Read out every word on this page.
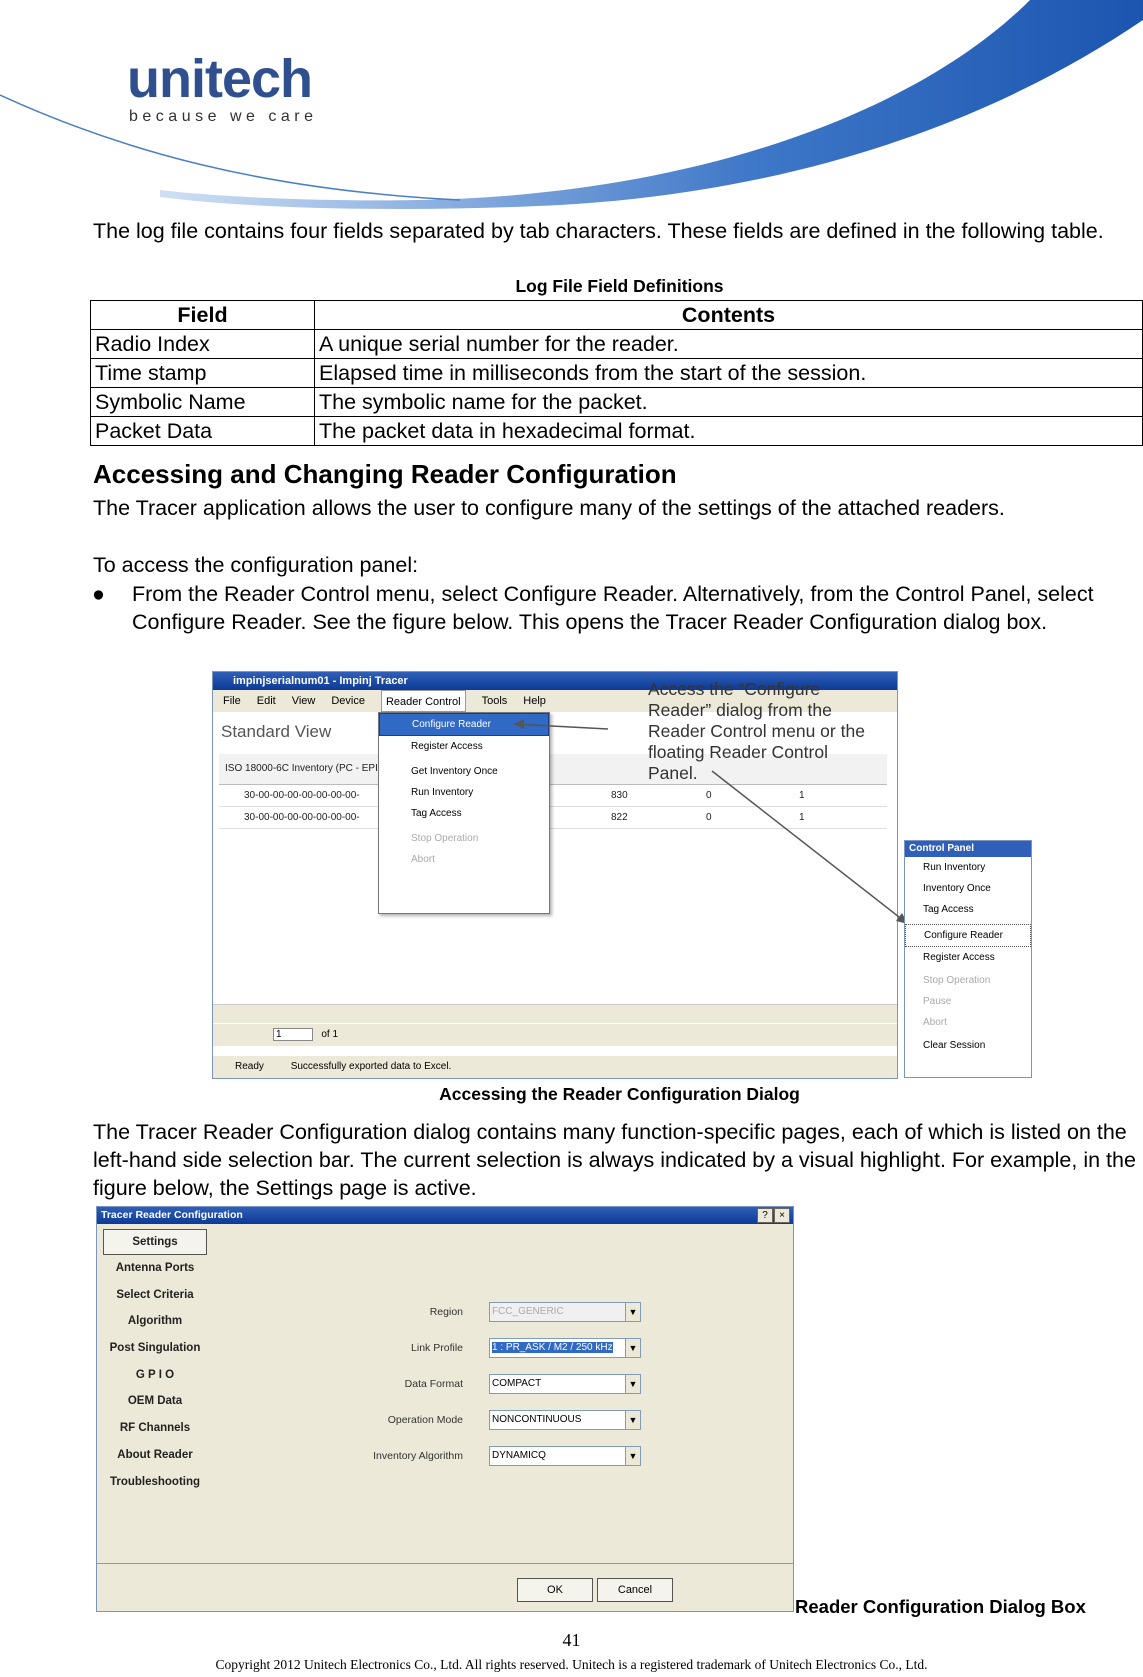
unitech
because we care
The log file contains four fields separated by tab characters. These fields are defined in the following table.
Log File Field Definitions
Field	Contents
Radio Index	A unique serial number for the reader.
Time stamp	Elapsed time in milliseconds from the start of the session.
Symbolic Name	The symbolic name for the packet.
Packet Data	The packet data in hexadecimal format.
Accessing and Changing Reader Configuration
The Tracer application allows the user to configure many of the settings of the attached readers.
To access the configuration panel:
● From the Reader Control menu, select Configure Reader. Alternatively, from the Control Panel, select Configure Reader. See the figure below. This opens the Tracer Reader Configuration dialog box.
impinjserialnum01 - Impinj Tracer
File Edit View Device	Reader Control	Tools Help
Standard View
ISO 18000-6C Inventory (PC - EPI
30-00-00-00-00-00-00-00-	830	0	1
30-00-00-00-00-00-00-00-	822	0	1
Configure Reader
Register Access
Get Inventory Once
Run Inventory
Tag Access
Stop Operation
Abort
1	of 1
Ready	Successfully exported data to Excel.
Access the “Configure Reader” dialog from the Reader Control menu or the floating Reader Control Panel.
Control Panel
Run Inventory
Inventory Once
Tag Access
Configure Reader
Register Access
Stop Operation
Pause
Abort
Clear Session
Accessing the Reader Configuration Dialog
The Tracer Reader Configuration dialog contains many function-specific pages, each of which is listed on the left-hand side selection bar. The current selection is always indicated by a visual highlight. For example, in the figure below, the Settings page is active.
Tracer Reader Configuration	?	×
Settings
Antenna Ports
Select Criteria
Algorithm
Post Singulation
G P I O
OEM Data
RF Channels
About Reader
Troubleshooting
Region	FCC_GENERIC	▼
Link Profile	1 : PR_ASK / M2 / 250 kHz	▼
Data Format	COMPACT	▼
Operation Mode	NONCONTINUOUS	▼
Inventory Algorithm	DYNAMICQ	▼
OK	Cancel
Reader Configuration Dialog Box
41
Copyright 2012 Unitech Electronics Co., Ltd. All rights reserved. Unitech is a registered trademark of Unitech Electronics Co., Ltd.
